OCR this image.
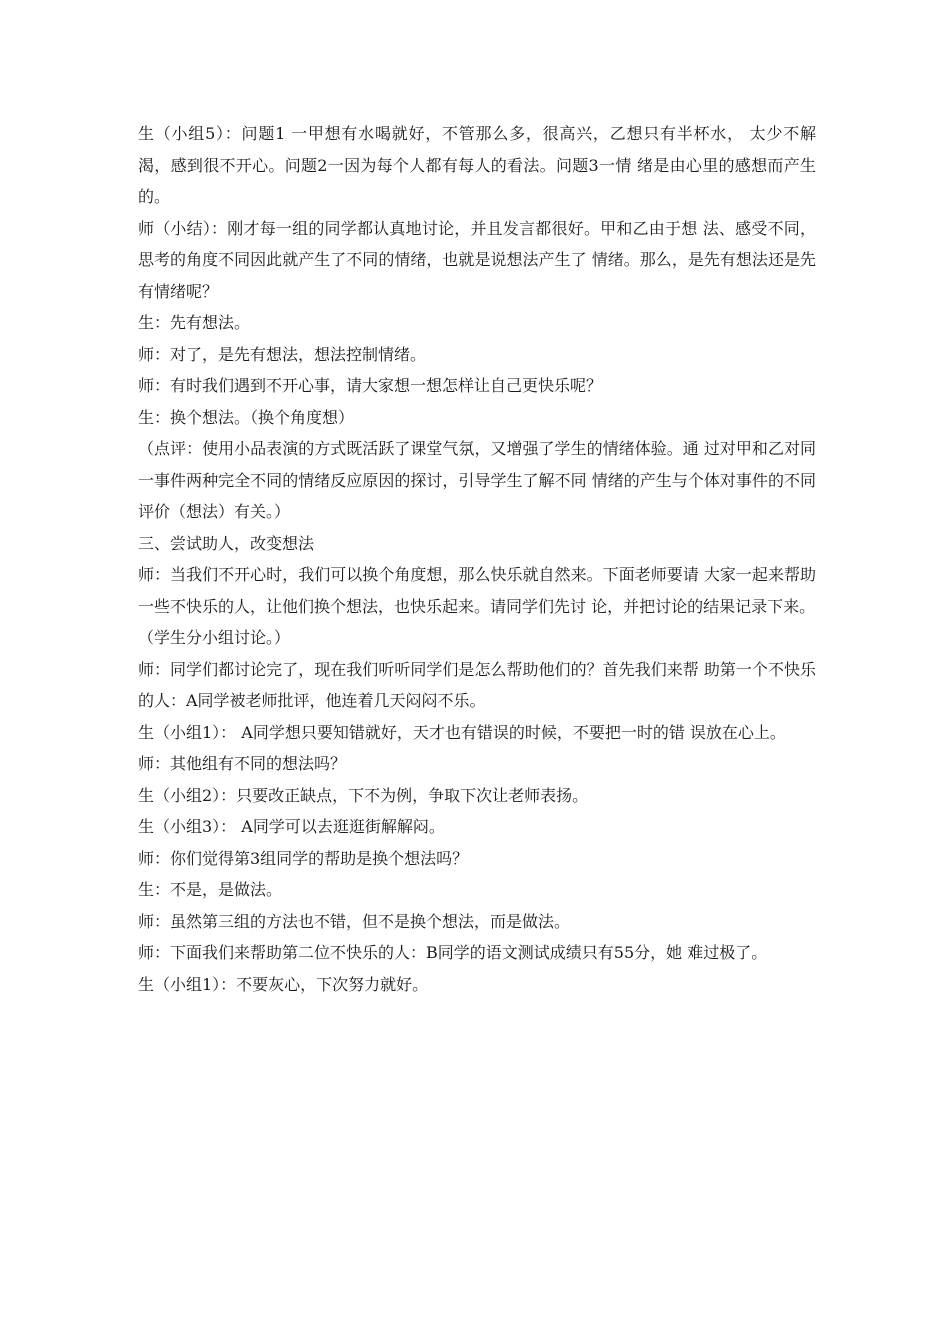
生（小组5）：问题1 一甲想有水喝就好，不管那么多，很高兴，乙想只有半杯水， 太少不解渴，感到很不开心。问题2一因为每个人都有每人的看法。问题3一情 绪是由心里的感想而产生的。

师（小结）：刚才每一组的同学都认真地讨论，并且发言都很好。甲和乙由于想 法、感受不同，思考的角度不同因此就产生了不同的情绪，也就是说想法产生了 情绪。那么，是先有想法还是先有情绪呢？

生：先有想法。

师：对了，是先有想法，想法控制情绪。

师：有时我们遇到不开心事，请大家想一想怎样让自己更快乐呢？

生：换个想法。（换个角度想）

（点评：使用小品表演的方式既活跃了课堂气氛，又增强了学生的情绪体验。通 过对甲和乙对同一事件两种完全不同的情绪反应原因的探讨，引导学生了解不同 情绪的产生与个体对事件的不同评价（想法）有关。）

三、尝试助人，改变想法

师：当我们不开心时，我们可以换个角度想，那么快乐就自然来。下面老师要请 大家一起来帮助一些不快乐的人，让他们换个想法，也快乐起来。请同学们先讨 论，并把讨论的结果记录下来。

（学生分小组讨论。）

师：同学们都讨论完了，现在我们听听同学们是怎么帮助他们的？首先我们来帮 助第一个不快乐的人：A同学被老师批评，他连着几天闷闷不乐。

生（小组1）： A同学想只要知错就好，天才也有错误的时候，不要把一时的错 误放在心上。

师：其他组有不同的想法吗？

生（小组2）：只要改正缺点，下不为例，争取下次让老师表扬。

生（小组3）： A同学可以去逛逛街解解闷。

师：你们觉得第3组同学的帮助是换个想法吗？

生：不是，是做法。

师：虽然第三组的方法也不错，但不是换个想法，而是做法。

师：下面我们来帮助第二位不快乐的人：B同学的语文测试成绩只有55分，她 难过极了。

生（小组1）：不要灰心，下次努力就好。
